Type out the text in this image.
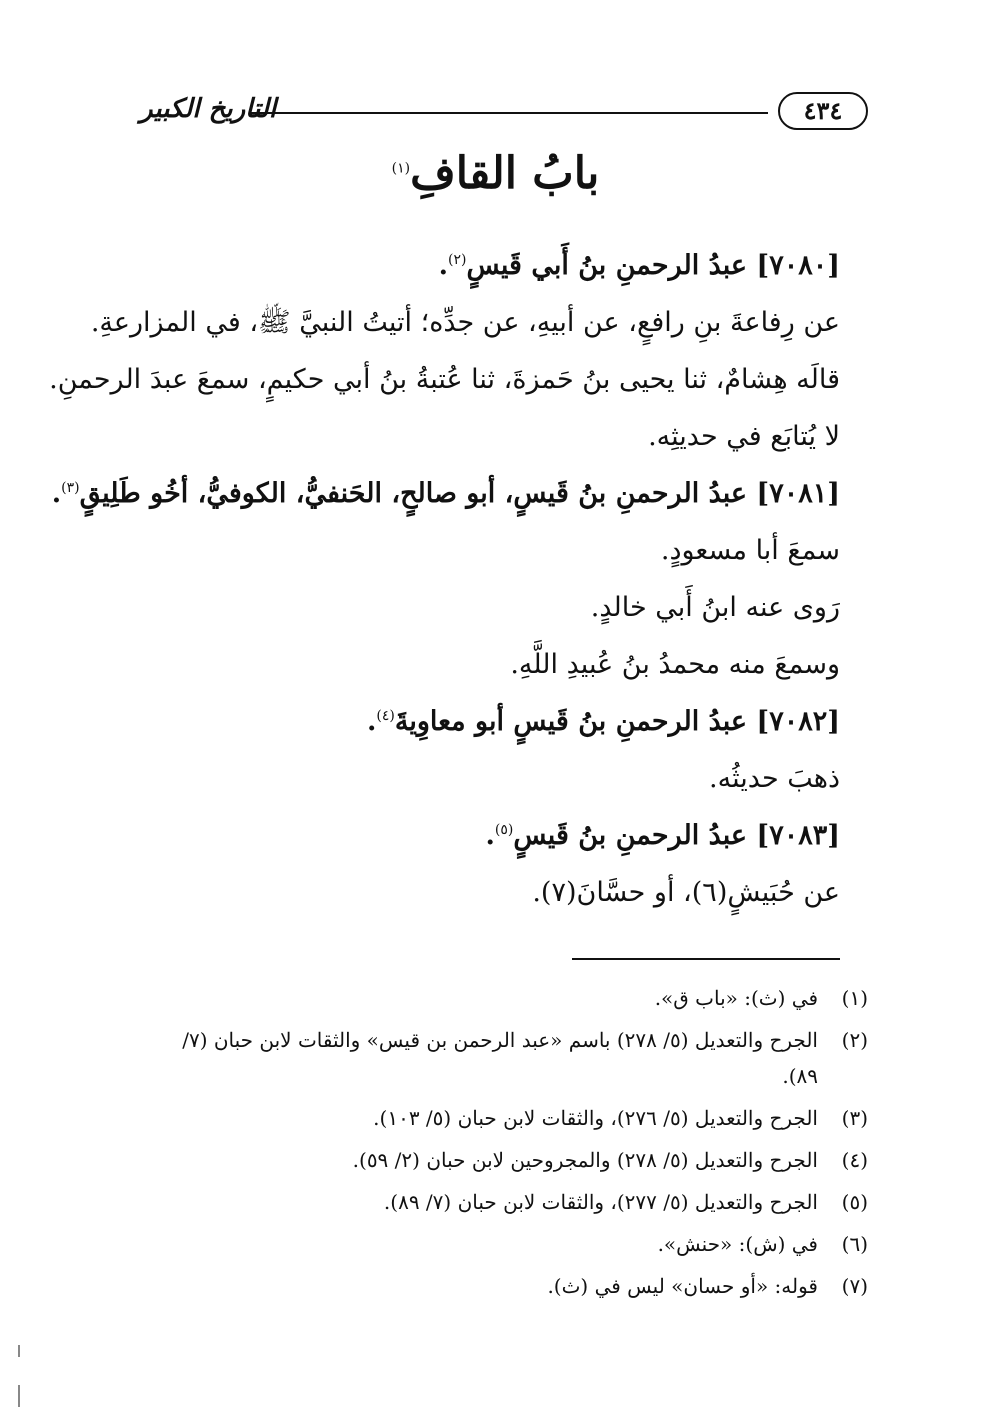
التاريخ الكبير	٤٣٤
بابُ القافِ$^{(١)}$
[٧٠٨٠] عبدُ الرحمنِ بنُ أَبي قَيسٍ$^{(٢)}$.
عن رِفاعةَ بنِ رافعٍ، عن أبيهِ، عن جدِّه؛ أتيتُ النبيَّ ﷺ، في المزارعةِ.
قالَه هِشامٌ، ثنا يحيى بنُ حَمزةَ، ثنا عُتبةُ بنُ أبي حكيمٍ، سمعَ عبدَ الرحمنِ.
لا يُتابَع في حديثِه.
[٧٠٨١] عبدُ الرحمنِ بنُ قَيسٍ، أبو صالحٍ، الحَنفيُّ، الكوفيُّ، أخُو طَلِيقٍ$^{(٣)}$.
سمعَ أبا مسعودٍ.
رَوى عنه ابنُ أَبي خالدٍ.
وسمعَ منه محمدُ بنُ عُبيدِ اللَّهِ.
[٧٠٨٢] عبدُ الرحمنِ بنُ قَيسٍ أبو معاوِيةَ$^{(٤)}$.
ذهبَ حديثُه.
[٧٠٨٣] عبدُ الرحمنِ بنُ قَيسٍ$^{(٥)}$.
عن حُبَيشٍ(٦)، أو حسَّانَ(٧).
(١)
في (ث): «باب ق».
(٢)
الجرح والتعديل (٥/ ٢٧٨) باسم «عبد الرحمن بن قيس» والثقات لابن حبان (٧/ ٨٩).
(٣)
الجرح والتعديل (٥/ ٢٧٦)، والثقات لابن حبان (٥/ ١٠٣).
(٤)
الجرح والتعديل (٥/ ٢٧٨) والمجروحين لابن حبان (٢/ ٥٩).
(٥)
الجرح والتعديل (٥/ ٢٧٧)، والثقات لابن حبان (٧/ ٨٩).
(٦)
في (ش): «حنش».
(٧)
قوله: «أو حسان» ليس في (ث).
